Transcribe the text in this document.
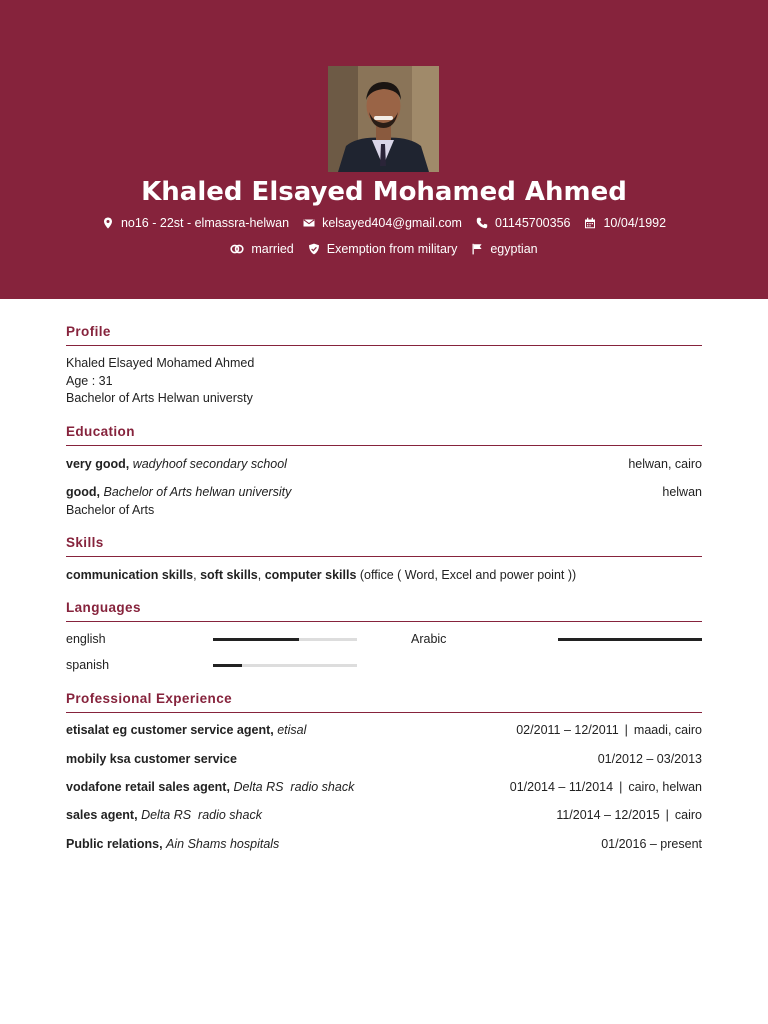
Khaled Elsayed Mohamed Ahmed
no16 - 22st - elmassra-helwan	kelsayed404@gmail.com	01145700356	10/04/1992
married	Exemption from military	egyptian
Profile
Khaled Elsayed Mohamed Ahmed
Age : 31
Bachelor of Arts Helwan universty
Education
very good, wadyhoof secondary school	helwan, cairo
good, Bachelor of Arts helwan university	helwan
Bachelor of Arts
Skills
communication skills, soft skills, computer skills (office ( Word, Excel and power point ))
Languages
english	Arabic
spanish
Professional Experience
etisalat eg customer service agent, etisal	02/2011 – 12/2011 | maadi, cairo
mobily ksa customer service	01/2012 – 03/2013
vodafone retail sales agent, Delta RS  radio shack	01/2014 – 11/2014 | cairo, helwan
sales agent, Delta RS  radio shack	11/2014 – 12/2015 | cairo
Public relations, Ain Shams hospitals	01/2016 – present
